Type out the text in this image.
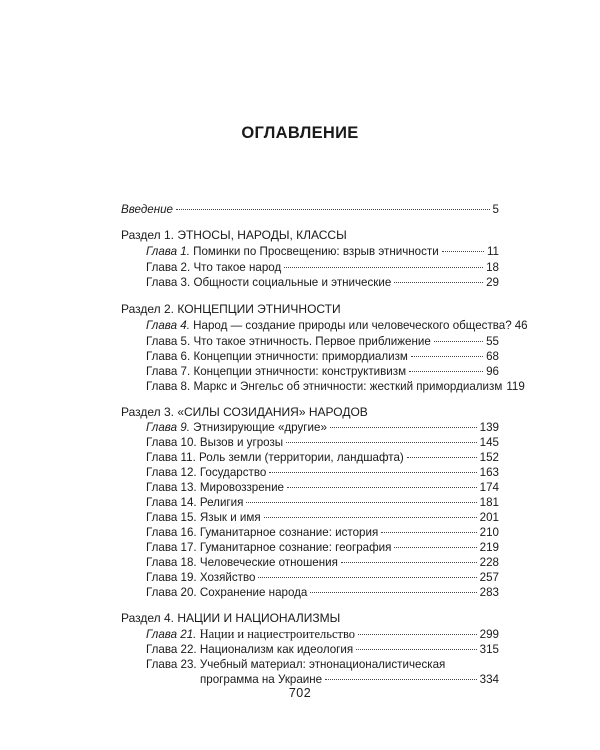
ОГЛАВЛЕНИЕ
Введение	5
Раздел 1. ЭТНОСЫ, НАРОДЫ, КЛАССЫ
Глава 1. Поминки по Просвещению: взрыв этничности	11
Глава 2. Что такое народ	18
Глава 3. Общности социальные и этнические	29
Раздел 2. КОНЦЕПЦИИ ЭТНИЧНОСТИ
Глава 4. Народ — создание природы или человеческого общества? 46
Глава 5. Что такое этничность. Первое приближение	55
Глава 6. Концепции этничности: примордиализм	68
Глава 7. Концепции этничности: конструктивизм	96
Глава 8. Маркс и Энгельс об этничности: жесткий примордиализм 119
Раздел 3. «СИЛЫ СОЗИДАНИЯ» НАРОДОВ
Глава 9. Этнизирующие «другие»	139
Глава 10. Вызов и угрозы	145
Глава 11. Роль земли (территории, ландшафта)	152
Глава 12. Государство	163
Глава 13. Мировоззрение	174
Глава 14. Религия	181
Глава 15. Язык и имя	201
Глава 16. Гуманитарное сознание: история	210
Глава 17. Гуманитарное сознание: география	219
Глава 18. Человеческие отношения	228
Глава 19. Хозяйство	257
Глава 20. Сохранение народа	283
Раздел 4. НАЦИИ И НАЦИОНАЛИЗМЫ
Глава 21. Нации и нациестроительство	299
Глава 22. Национализм как идеология	315
Глава 23. Учебный материал: этнонационалистическая
программа на Украине	334
702
